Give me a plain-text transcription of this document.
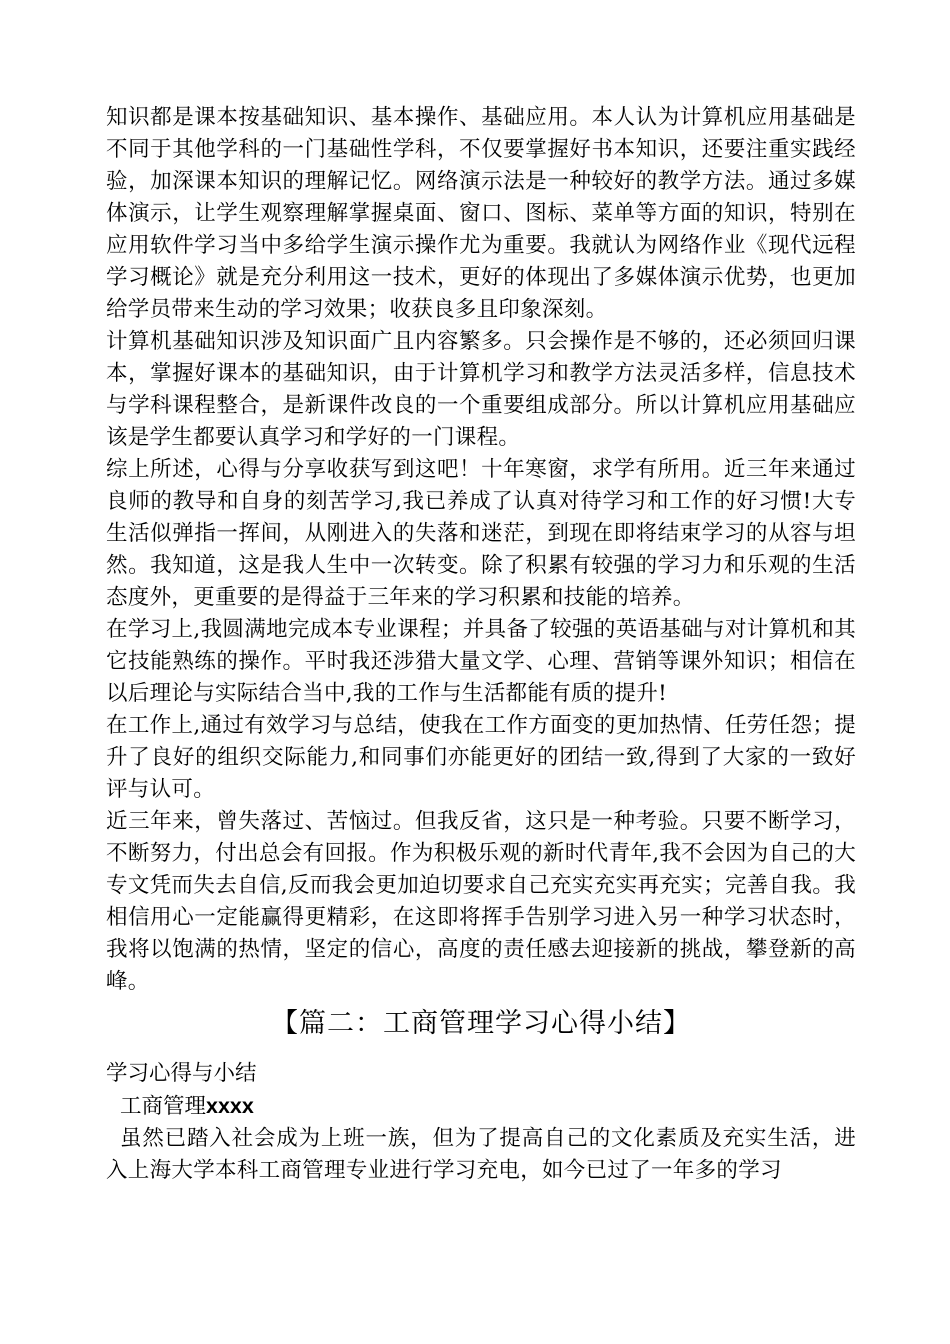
知识都是课本按基础知识、基本操作、基础应用。本人认为计算机应用基础是不同于其他学科的一门基础性学科，不仅要掌握好书本知识，还要注重实践经验，加深课本知识的理解记忆。网络演示法是一种较好的教学方法。通过多媒体演示，让学生观察理解掌握桌面、窗口、图标、菜单等方面的知识，特别在应用软件学习当中多给学生演示操作尤为重要。我就认为网络作业《现代远程学习概论》就是充分利用这一技术，更好的体现出了多媒体演示优势，也更加给学员带来生动的学习效果；收获良多且印象深刻。

计算机基础知识涉及知识面广且内容繁多。只会操作是不够的，还必须回归课本，掌握好课本的基础知识，由于计算机学习和教学方法灵活多样，信息技术与学科课程整合，是新课件改良的一个重要组成部分。所以计算机应用基础应该是学生都要认真学习和学好的一门课程。

综上所述，心得与分享收获写到这吧！十年寒窗，求学有所用。近三年来通过良师的教导和自身的刻苦学习,我已养成了认真对待学习和工作的好习惯!大专生活似弹指一挥间，从刚进入的失落和迷茫，到现在即将结束学习的从容与坦然。我知道，这是我人生中一次转变。除了积累有较强的学习力和乐观的生活态度外，更重要的是得益于三年来的学习积累和技能的培养。

在学习上,我圆满地完成本专业课程；并具备了较强的英语基础与对计算机和其它技能熟练的操作。平时我还涉猎大量文学、心理、营销等课外知识；相信在以后理论与实际结合当中,我的工作与生活都能有质的提升!

在工作上,通过有效学习与总结，使我在工作方面变的更加热情、任劳任怨；提升了良好的组织交际能力,和同事们亦能更好的团结一致,得到了大家的一致好评与认可。

近三年来，曾失落过、苦恼过。但我反省，这只是一种考验。只要不断学习，不断努力，付出总会有回报。作为积极乐观的新时代青年,我不会因为自己的大专文凭而失去自信,反而我会更加迫切要求自己充实充实再充实；完善自我。我相信用心一定能赢得更精彩，在这即将挥手告别学习进入另一种学习状态时，我将以饱满的热情，坚定的信心，高度的责任感去迎接新的挑战，攀登新的高峰。

【篇二：工商管理学习心得小结】

学习心得与小结

工商管理xxxx

虽然已踏入社会成为上班一族，但为了提高自己的文化素质及充实生活，进入上海大学本科工商管理专业进行学习充电，如今已过了一年多的学习
